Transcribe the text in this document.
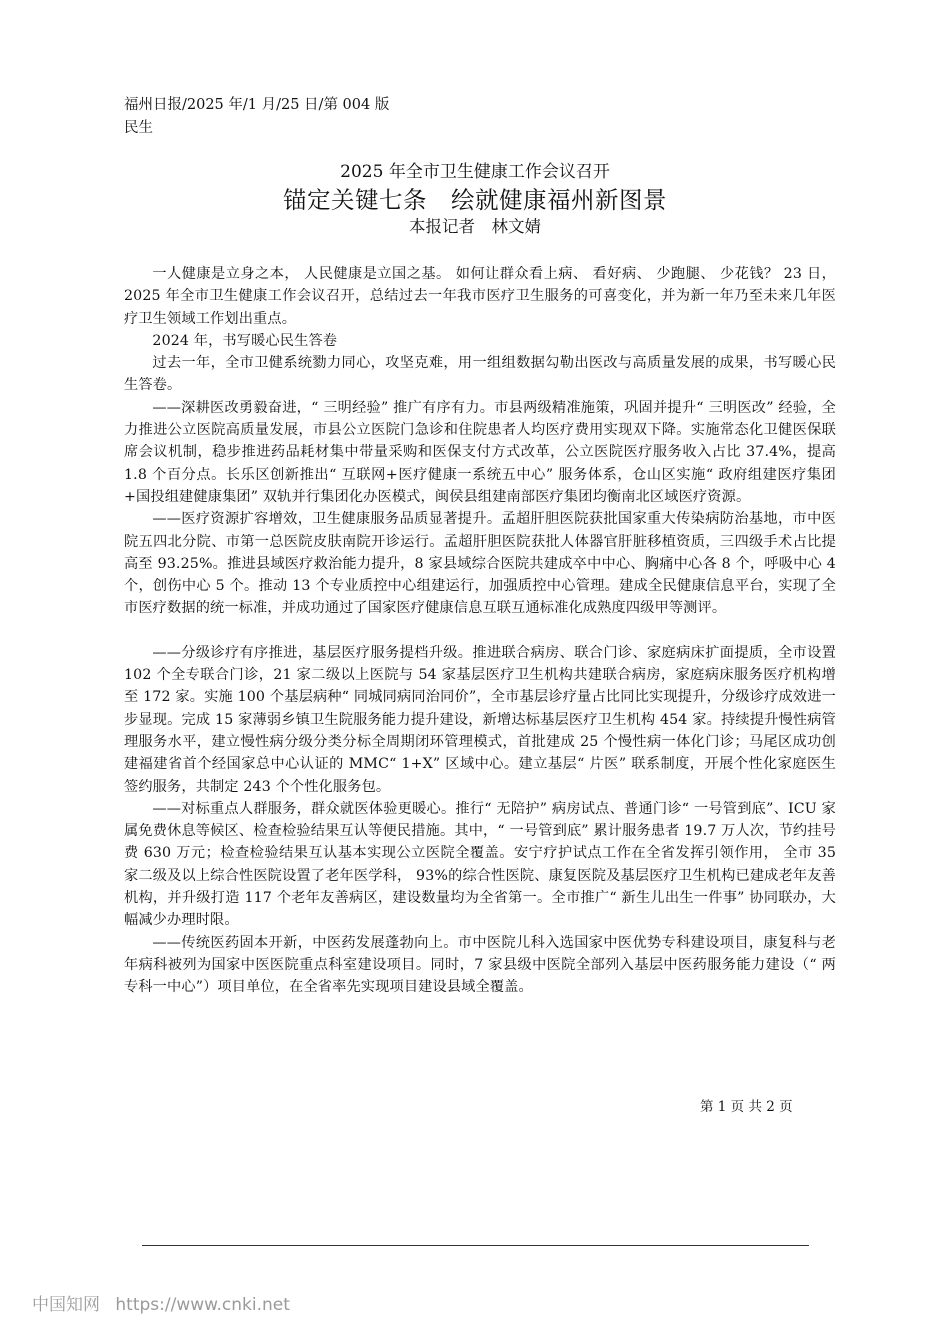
福州日报/2025 年/1 月/25 日/第 004 版民生
2025 年全市卫生健康工作会议召开
锚定关键七条　绘就健康福州新图景
本报记者　林文婧

一人健康是立身之本， 人民健康是立国之基。 如何让群众看上病、 看好病、 少跑腿、 少花钱？ 23 日，2025 年全市卫生健康工作会议召开，总结过去一年我市医疗卫生服务的可喜变化，并为新一年乃至未来几年医疗卫生领域工作划出重点。

2024 年，书写暖心民生答卷

过去一年，全市卫健系统勠力同心，攻坚克难，用一组组数据勾勒出医改与高质量发展的成果，书写暖心民生答卷。

——深耕医改勇毅奋进，“ 三明经验” 推广有序有力。市县两级精准施策，巩固并提升“ 三明医改” 经验，全力推进公立医院高质量发展，市县公立医院门急诊和住院患者人均医疗费用实现双下降。实施常态化卫健医保联席会议机制，稳步推进药品耗材集中带量采购和医保支付方式改革，公立医院医疗服务收入占比 37.4%，提高 1.8 个百分点。长乐区创新推出“ 互联网+医疗健康一系统五中心” 服务体系，仓山区实施“ 政府组建医疗集团+国投组建健康集团” 双轨并行集团化办医模式，闽侯县组建南部医疗集团均衡南北区域医疗资源。

——医疗资源扩容增效，卫生健康服务品质显著提升。孟超肝胆医院获批国家重大传染病防治基地，市中医院五四北分院、市第一总医院皮肤南院开诊运行。孟超肝胆医院获批人体器官肝脏移植资质，三四级手术占比提高至 93.25%。推进县域医疗救治能力提升，8 家县域综合医院共建成卒中中心、胸痛中心各 8 个，呼吸中心 4 个，创伤中心 5 个。推动 13 个专业质控中心组建运行，加强质控中心管理。建成全民健康信息平台，实现了全市医疗数据的统一标准，并成功通过了国家医疗健康信息互联互通标准化成熟度四级甲等测评。

——分级诊疗有序推进，基层医疗服务提档升级。推进联合病房、联合门诊、家庭病床扩面提质，全市设置 102 个全专联合门诊，21 家二级以上医院与 54 家基层医疗卫生机构共建联合病房，家庭病床服务医疗机构增至 172 家。实施 100 个基层病种“ 同城同病同治同价”，全市基层诊疗量占比同比实现提升，分级诊疗成效进一步显现。完成 15 家薄弱乡镇卫生院服务能力提升建设，新增达标基层医疗卫生机构 454 家。持续提升慢性病管理服务水平，建立慢性病分级分类分标全周期闭环管理模式，首批建成 25 个慢性病一体化门诊；马尾区成功创建福建省首个经国家总中心认证的 MMC“ 1+X” 区域中心。建立基层“ 片医” 联系制度，开展个性化家庭医生签约服务，共制定 243 个个性化服务包。

——对标重点人群服务，群众就医体验更暖心。推行“ 无陪护” 病房试点、普通门诊“ 一号管到底”、ICU 家属免费休息等候区、检查检验结果互认等便民措施。其中，“ 一号管到底” 累计服务患者 19.7 万人次，节约挂号费 630 万元；检查检验结果互认基本实现公立医院全覆盖。安宁疗护试点工作在全省发挥引领作用， 全市 35 家二级及以上综合性医院设置了老年医学科， 93%的综合性医院、康复医院及基层医疗卫生机构已建成老年友善机构，并升级打造 117 个老年友善病区，建设数量均为全省第一。全市推广“ 新生儿出生一件事” 协同联办，大幅减少办理时限。

——传统医药固本开新，中医药发展蓬勃向上。市中医院儿科入选国家中医优势专科建设项目，康复科与老年病科被列为国家中医医院重点科室建设项目。同时，7 家县级中医院全部列入基层中医药服务能力建设（“ 两专科一中心”）项目单位，在全省率先实现项目建设县域全覆盖。

第 1 页 共 2 页
中国知网 https://www.cnki.net
